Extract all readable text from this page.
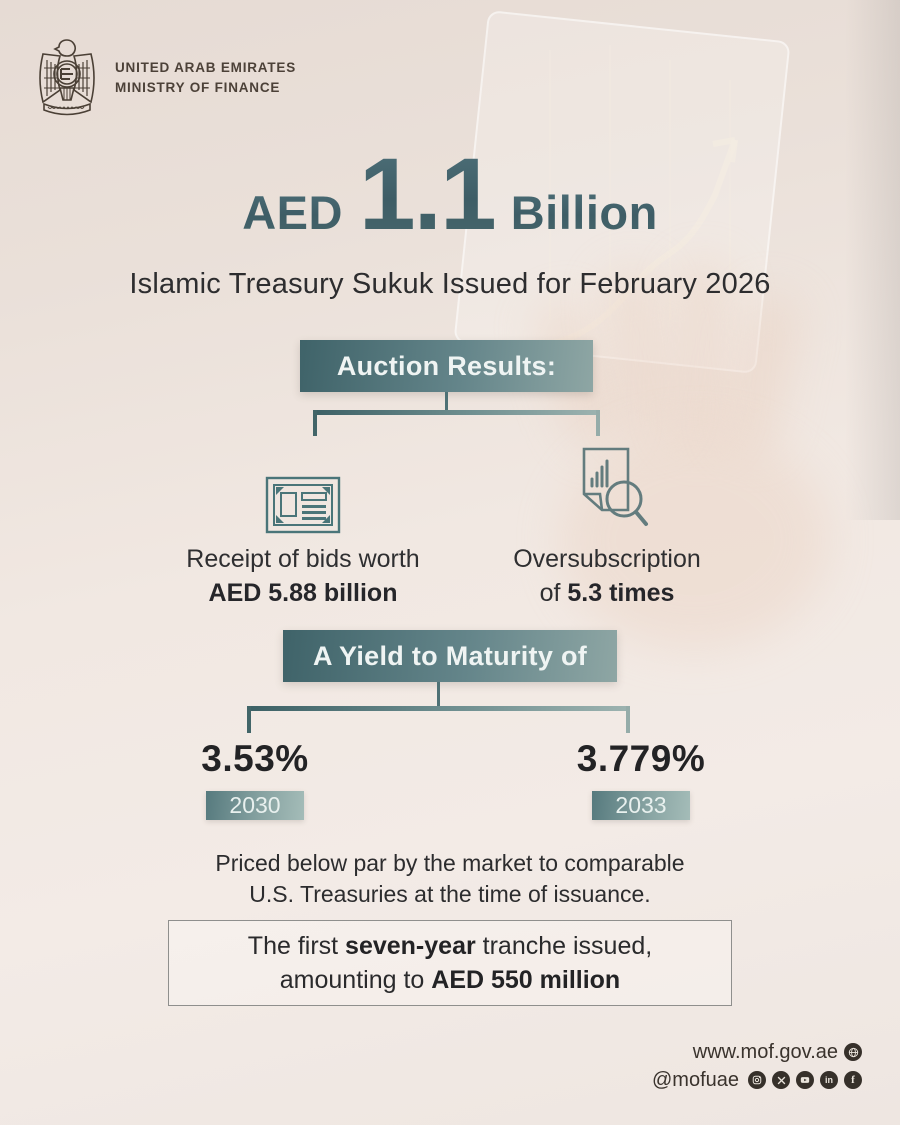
UNITED ARAB EMIRATES
MINISTRY OF FINANCE
AED 1.1 Billion
Islamic Treasury Sukuk Issued for February 2026
Auction Results:
Receipt of bids worth
AED 5.88 billion
Oversubscription
of 5.3 times
A Yield to Maturity of
3.53%
2030
3.779%
2033
Priced below par by the market to comparable
U.S. Treasuries at the time of issuance.
The first seven-year tranche issued,
amounting to AED 550 million
www.mof.gov.ae
@mofuae	in f
